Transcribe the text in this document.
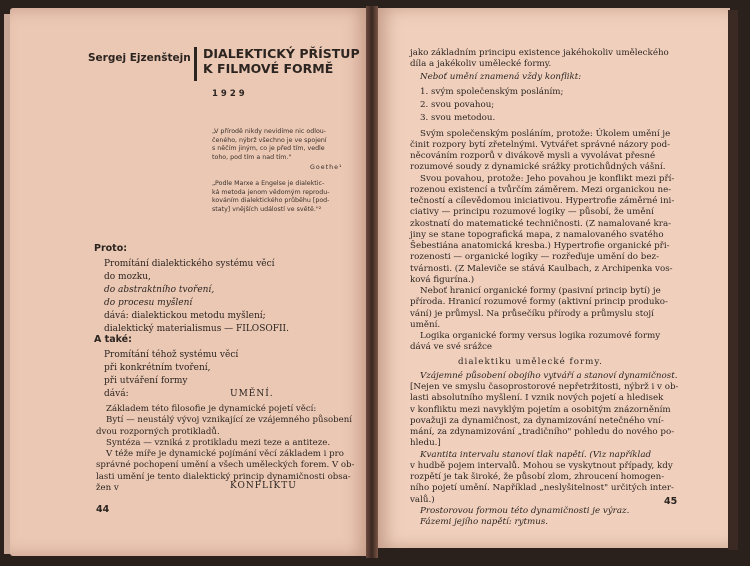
Sergej Ejzenštejn DIALEKTICKÝ PŘÍSTUP
K FILMOVÉ FORMĚ
1929
„V přírodě nikdy nevidíme nic odlou-
čeného, nýbrž všechno je ve spojení
s něčím jiným, co je před tím, vedle
toho, pod tím a nad tím."
Goethe¹
„Podle Marxe a Engelse je dialektic-
ká metoda jenom vědomým reprodu-
kováním dialektického průběhu [pod-
staty] vnějších událostí ve světě."²
Proto:
Promítání dialektického systému věcí
do mozku,
do abstraktního tvoření,
do procesu myšlení
dává: dialektickou metodu myšlení;
dialektický materialismus — FILOSOFII.
A také:
Promítání téhož systému věcí
při konkrétním tvoření,
při utváření formy
dává:	UMĚNÍ.
Základem této filosofie je dynamické pojetí věcí:
Bytí — neustálý vývoj vznikající ze vzájemného působení
dvou rozporných protikladů.
Syntéza — vzniká z protikladu mezi teze a antiteze.
V téže míře je dynamické pojímání věcí základem i pro
správné pochopení umění a všech uměleckých forem. V ob-
lasti umění je tento dialektický princip dynamičnosti obsa-
žen v	KONFLIKTU
44
jako základním principu existence jakéhokoliv uměleckého
díla a jakékoliv umělecké formy.
Neboť umění znamená vždy konflikt:
1. svým společenským posláním;
2. svou povahou;
3. svou metodou.
Svým společenským posláním, protože: Úkolem umění je
činit rozpory bytí zřetelnými. Vytvářet správné názory pod-
něcováním rozporů v divákově mysli a vyvolávat přesné
rozumové soudy z dynamické srážky protichůdných vášní.
Svou povahou, protože: Jeho povahou je konflikt mezi pří-
rozenou existencí a tvůrčím záměrem. Mezi organickou ne-
tečností a cílevědomou iniciativou. Hypertrofie záměrné ini-
ciativy — principu rozumové logiky — působí, že umění
zkostnatí do matematické techničnosti. (Z namalované kra-
jiny se stane topografická mapa, z namalovaného svatého
Šebestiána anatomická kresba.) Hypertrofie organické při-
rozenosti — organické logiky — rozřeďuje umění do bez-
tvárnosti. (Z Malevičе se stává Kaulbach, z Archipenka vos-
ková figurína.)
Neboť hranicí organické formy (pasivní princip bytí) je
příroda. Hranicí rozumové formy (aktivní princip produko-
vání) je průmysl. Na průsečíku přírody a průmyslu stojí
umění.
Logika organické formy versus logika rozumové formy
dává ve své srážce
dialektiku umělecké formy.
Vzájemné působení obojího vytváří a stanoví dynamičnost.
[Nejen ve smyslu časoprostorové nepřetržitosti, nýbrž i v ob-
lasti absolutního myšlení. I vznik nových pojetí a hledisek
v konfliktu mezi navyklým pojetím a osobitým znázorněním
považuji za dynamičnost, za dynamizování netečného vní-
mání, za zdynamizování „tradičního" pohledu do nového po-
hledu.]
Kvantita intervalu stanoví tlak napětí. (Viz například
v hudbě pojem intervalů. Mohou se vyskytnout případy, kdy
rozpětí je tak široké, že působí zlom, zhroucení homogen-
ního pojetí umění. Například „neslyšitelnost" určitých inter-
valů.)
Prostorovou formou této dynamičnosti je výraz.
Fázemi jejího napětí: rytmus.
45
